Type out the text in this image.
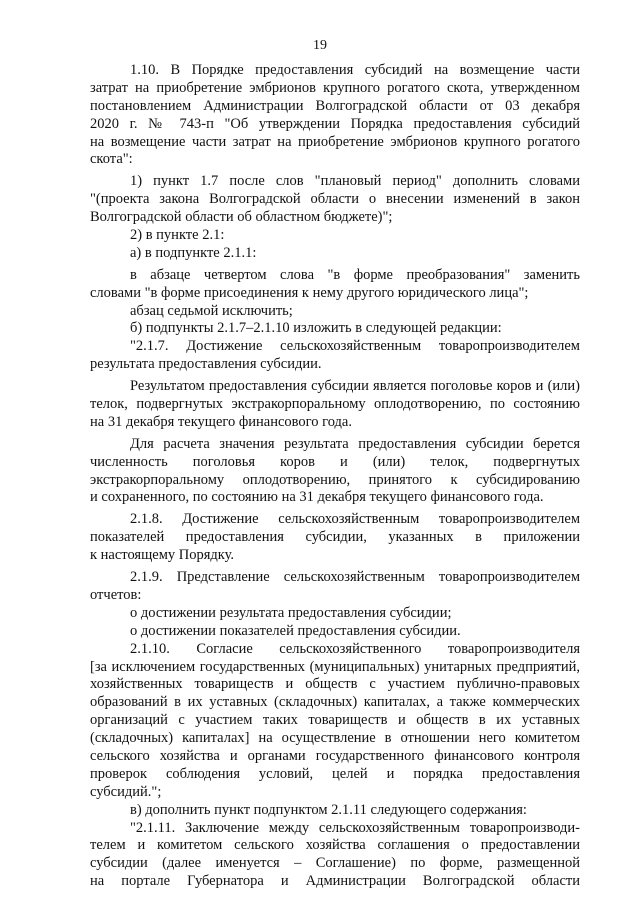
19
1.10. В Порядке предоставления субсидий на возмещение части
затрат на приобретение эмбрионов крупного рогатого скота, утвержденном
постановлением Администрации Волгоградской области от 03 декабря
2020 г. № 743-п "Об утверждении Порядка предоставления субсидий
на возмещение части затрат на приобретение эмбрионов крупного рогатого
скота":
1) пункт 1.7 после слов "плановый период" дополнить словами
"(проекта закона Волгоградской области о внесении изменений в закон
Волгоградской области об областном бюджете)";
2) в пункте 2.1:
а) в подпункте 2.1.1:
в абзаце четвертом слова "в форме преобразования" заменить
словами "в форме присоединения к нему другого юридического лица";
абзац седьмой исключить;
б) подпункты 2.1.7–2.1.10 изложить в следующей редакции:
"2.1.7. Достижение сельскохозяйственным товаропроизводителем
результата предоставления субсидии.
Результатом предоставления субсидии является поголовье коров и (или)
телок, подвергнутых экстракорпоральному оплодотворению, по состоянию
на 31 декабря текущего финансового года.
Для расчета значения результата предоставления субсидии берется
численность поголовья коров и (или) телок, подвергнутых
экстракорпоральному оплодотворению, принятого к субсидированию
и сохраненного, по состоянию на 31 декабря текущего финансового года.
2.1.8. Достижение сельскохозяйственным товаропроизводителем
показателей предоставления субсидии, указанных в приложении
к настоящему Порядку.
2.1.9. Представление сельскохозяйственным товаропроизводителем
отчетов:
о достижении результата предоставления субсидии;
о достижении показателей предоставления субсидии.
2.1.10. Согласие сельскохозяйственного товаропроизводителя
[за исключением государственных (муниципальных) унитарных предприятий,
хозяйственных товариществ и обществ с участием публично-правовых
образований в их уставных (складочных) капиталах, а также коммерческих
организаций с участием таких товариществ и обществ в их уставных
(складочных) капиталах] на осуществление в отношении него комитетом
сельского хозяйства и органами государственного финансового контроля
проверок соблюдения условий, целей и порядка предоставления
субсидий.";
в) дополнить пункт подпунктом 2.1.11 следующего содержания:
"2.1.11. Заключение между сельскохозяйственным товаропроизводи-
телем и комитетом сельского хозяйства соглашения о предоставлении
субсидии (далее именуется – Соглашение) по форме, размещенной
на портале Губернатора и Администрации Волгоградской области
